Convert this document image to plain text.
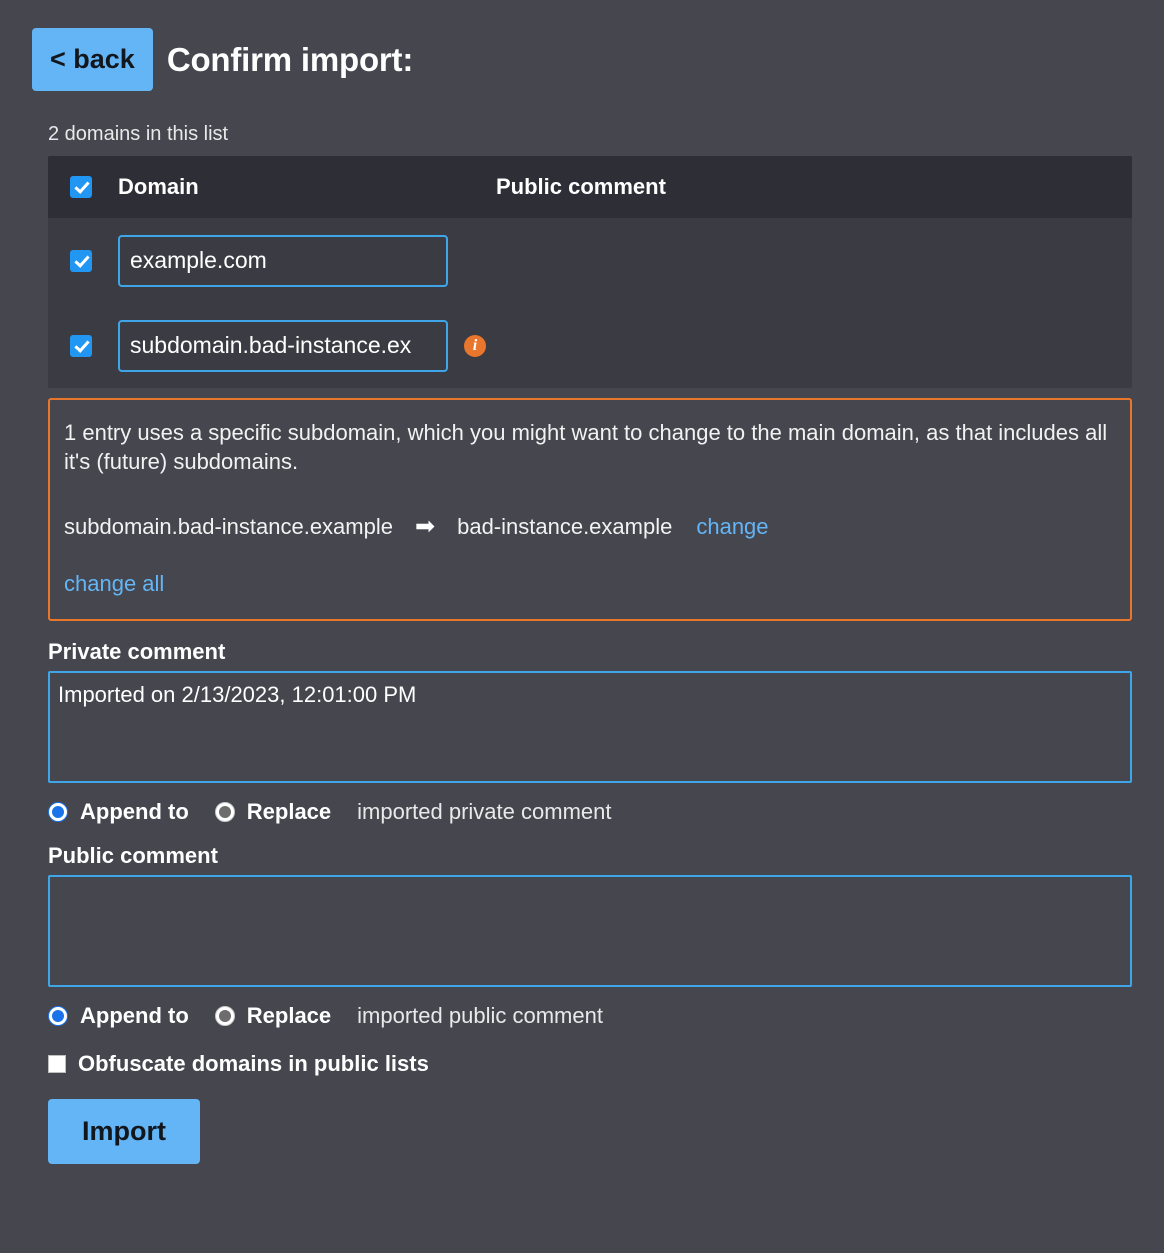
< back Confirm import:
2 domains in this list
Domain	Public comment
example.com
subdomain.bad-instance.ex
i
1 entry uses a specific subdomain, which you might want to change to the main domain, as that includes all it's (future) subdomains.
subdomain.bad-instance.example ➡ bad-instance.example change
change all
Private comment
Imported on 2/13/2023, 12:01:00 PM
Append to	Replace imported private comment
Public comment
Append to	Replace imported public comment
Obfuscate domains in public lists
Import
